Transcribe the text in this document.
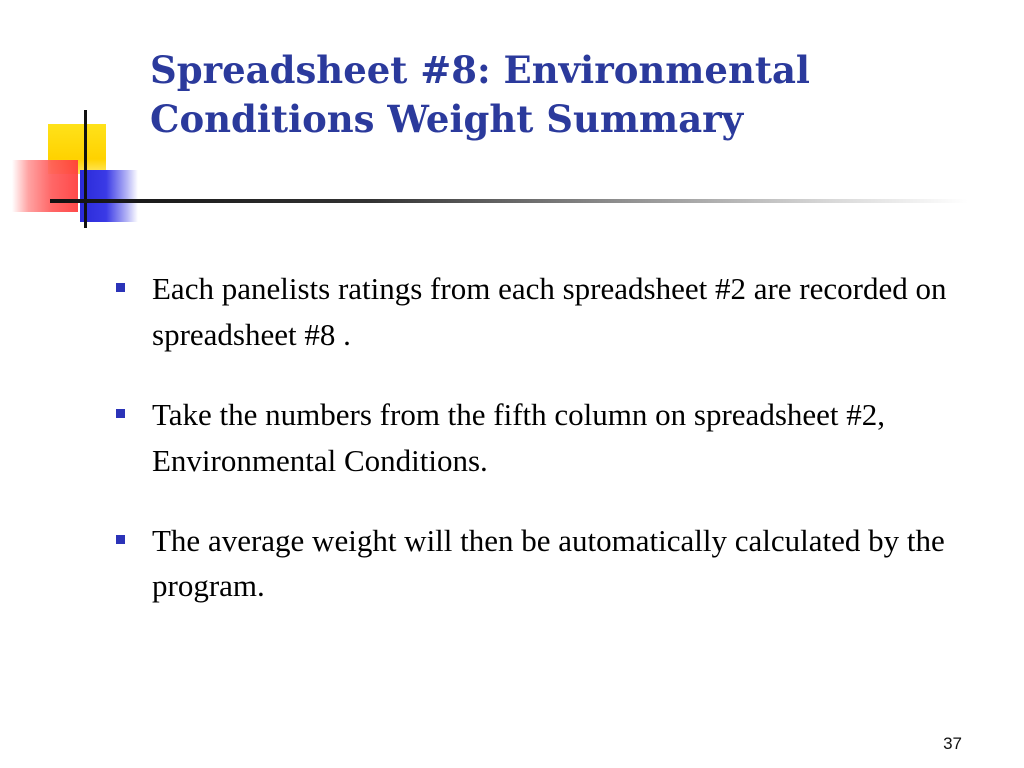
Spreadsheet #8: Environmental
Conditions Weight Summary
Each panelists ratings from each spreadsheet #2 are recorded on spreadsheet #8 .
Take the numbers from the fifth column on spreadsheet #2, Environmental Conditions.
The average weight will then be automatically calculated by the program.
37
